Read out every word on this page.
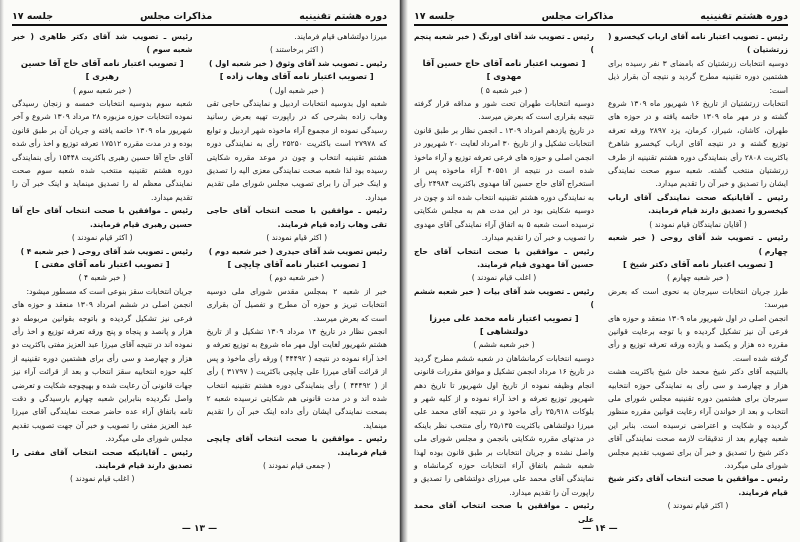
دوره هشتم تقنینیه
مذاکرات مجلس
جلسه ۱۷

میرزا دولتشاهی قیام فرمایند.

( اکثر برخاستند )

رئیس ـ تصویب شد آقای وثوق ( خبر شعبه اول )

[ تصویب اعتبار نامه آقای وهاب زاده ]

( خبر شعبه اول )

شعبه اول بدوسیه انتخابات اردبیل و نمایندگی حاجی تقی وهاب زاده بشرحی که در راپورت تهیه بعرض رسانید رسیدگی نموده از مجموع آراء ماخوذه شهر اردبیل و توابع که ۲۷۹۷۸ است باکثریت ۲۵۲۵۰ رأی به نمایندگی دوره هشتم تقنینیه انتخاب و چون در موعد مقرره شکایتی رسیده بود لذا شعبه صحت نمایندگی معزی الیه را تصدیق و اینک خبر آن را برای تصویب مجلس شورای ملی تقدیم میدارد.

رئیس ـ موافقین با صحت انتخاب آقای حاجی تقی وهاب زاده قیام فرمایند.

( اکثر قیام نمودند )

رئیس تصویب شد آقای حیدری ( خبر شعبه دوم )

[ تصویب اعتبار نامه آقای چایچی ]

( خبر شعبه دوم )

خبر از شعبه ۲ بمجلس مقدس شورای ملی دوسیه انتخابات تبریز و حوزه آن مطرح و تفصیل آن بقراری است که بعرض میرسد.

انجمن نظار در تاریخ ۱۴ مرداد ۱۳۰۹ تشکیل و از تاریخ هشتم شهریور لغایت اول مهر ماه شروع به توزیع تعرفه و اخذ آراء نموده در نتیجه ( ۴۴۴۹۲ ) ورقه رأی ماخوذ و پس از قرائت آقای میرزا علی چایچی باکثریت ( ۳۱۷۹۷ ) رأی از ( ۴۴۴۹۲ ) رأی بنمایندگی دوره هشتم تقنینیه انتخاب شده اند و در مدت قانونی هم شکایتی نرسیده شعبه ۲ بصحت نمایندگی ایشان رأی داده اینک خبر آن را تقدیم مینماید.

رئیس ـ موافقین با صحت انتخاب آقای چایچی قیام فرمایند.

( جمعی قیام نمودند )

رئیس ـ تصویب شد آقای دکتر طاهری ( خبر شعبه سوم )

[ تصویب اعتبار نامه آقای حاج آقا حسین رهبری ]

( خبر شعبه سوم )

شعبه سوم بدوسیه انتخابات خمسه و زنجان رسیدگی نموده انتخابات حوزه مزبوره ۲۸ مرداد ۱۳۰۹ شروع و آخر شهریور ماه ۱۳۰۹ خاتمه یافته و جریان آن بر طبق قانون بوده و در مدت مقرره ۱۷۵۱۲ تعرفه توزیع و اخذ رأی شده آقای حاج آقا حسین رهبری باکثریت ۱۵۴۴۸ رأی بنمایندگی دوره هشتم تقنینیه منتخب شده شعبه سوم صحت نمایندگی معظم له را تصدیق مینماید و اینک خبر آن را تقدیم میدارد.

رئیس ـ موافقین با صحت انتخاب آقای حاج آقا حسین رهبری قیام فرمایند.

( اکثر قیام نمودند )

رئیس ـ تصویب شد آقای روحی ( خبر شعبه ۴ )

[ تصویب اعتبار نامه آقای مفتی ]

( خبر شعبه ۴ )

جریان انتخابات سقز بنوعی است که مسطور میشود:

انجمن اصلی در ششم امرداد ۱۳۰۹ منعقد و حوزه های فرعی نیز تشکیل گردیده و باتوجه بقوانین مربوطه دو هزار و پانصد و پنجاه و پنج ورقه تعرفه توزیع و اخذ رأی نموده اند در نتیجه آقای میرزا عبد العزیز مفتی باکثریت دو هزار و چهارصد و سی رأی برای هشتمین دوره تقنینیه از کلیه حوزه انتخابیه سقز انتخاب و بعد از قرائت آراء نیز جهات قانونی آن رعایت شده و بهیچوجه شکایت و تعرضی واصل نگردیده بنابراین شعبه چهارم بارسیدگی و دقت تامه باتفاق آراء عده حاضر صحت نمایندگی آقای میرزا عبد العزیز مفتی را تصویب و خبر آن جهت تصویب تقدیم مجلس شورای ملی میگردد.

رئیس ـ آقایانیکه صحت انتخاب آقای مفتی را تصدیق دارند قیام فرمایند.

( اغلب قیام نمودند )

— ۱۳ —
دوره هشتم تقنینیه
مذاکرات مجلس
جلسه ۱۷

رئیس ـ تصویب اعتبار نامه آقای ارباب کیخسرو ( زرتشتیان )

دوسیه انتخابات زرتشتیان که بامضای ۳ نفر رسیده برای هشتمین دوره تقنینیه مطرح گردید و نتیجه آن بقرار ذیل است:

انتخابات زرتشتیان از تاریخ ۱۶ شهریور ماه ۱۳۰۹ شروع گشته و در مهر ماه ۱۳۰۹ خاتمه یافته و در حوزه های طهران، کاشان، شیراز، کرمان، یزد ۲۸۹۷ ورقه تعرفه توزیع گشته و در نتیجه آقای ارباب کیخسرو شاهرخ باکثریت ۲۸۰۸ رأی بنمایندگی دوره هشتم تقنینیه از طرف زرتشتیان منتخب گشته. شعبه سوم صحت نمایندگی ایشان را تصدیق و خبر آن را تقدیم میدارد.

رئیس ـ آقایانیکه صحت نمایندگی آقای ارباب کیخسرو را تصدیق دارند قیام فرمایند.

( آقایان نمایندگان قیام نمودند )

رئیس ـ تصویب شد آقای روحی ( خبر شعبه چهارم )

[ تصویب اعتبار نامه آقای دکتر شیخ ]

( خبر شعبه چهارم )

طرز جریان انتخابات سیرجان به نحوی است که بعرض میرسد:

انجمن اصلی در اول شهریور ماه ۱۳۰۹ منعقد و حوزه های فرعی آن نیز تشکیل گردیده و با توجه برعایت قوانین مقرره ده هزار و یکصد و یازده ورقه تعرفه توزیع و رأی گرفته شده است.

بالنتیجه آقای دکتر شیخ محمد خان شیخ باکثریت هشت هزار و چهارصد و سی رأی به نمایندگی حوزه انتخابیه سیرجان برای هشتمین دوره تقنینیه مجلس شورای ملی انتخاب و بعد از خواندن آراء رعایت قوانین مقرره منظور گردیده و شکایت و اعتراضی نرسیده است. بنابر این شعبه چهارم بعد از تدقیقات لازمه صحت نمایندگی آقای دکتر شیخ را تصدیق و خبر آن برای تصویب تقدیم مجلس شورای ملی میگردد.

رئیس ـ موافقین با صحت انتخاب آقای دکتر شیخ قیام فرمایند.

( اکثر قیام نمودند )

رئیس ـ تصویب شد آقای اورنگ ( خبر شعبه پنجم )

[ تصویب اعتبار نامه آقای حاج حسین آقا مهدوی ]

( خبر شعبه ۵ )

دوسیه انتخابات طهران تحت شور و مداقه قرار گرفته نتیجه بقراری است که بعرض میرسد.

در تاریخ یازدهم امرداد ۱۳۰۹ ـ انجمن نظار بر طبق قانون انتخابات تشکیل و از تاریخ ۳۰ امرداد لغایت ۲۰ شهریور در انجمن اصلی و حوزه های فرعی تعرفه توزیع و آراء ماخوذ شده است در نتیجه از ۴۰۵۵۱ آراء ماخوذه پس از استخراج آقای حاج حسین آقا مهدوی باکثریت ۲۴۹۸۴ رأی به نمایندگی دوره هشتم تقنینیه انتخاب شده اند و چون در دوسیه شکایتی بود در این مدت هم به مجلس شکایتی نرسیده است شعبه ۵ به اتفاق آراء نمایندگی آقای مهدوی را تصویب و خبر آن را تقدیم میدارد.

رئیس ـ موافقین با صحت انتخاب آقای حاج حسین آقا مهدوی قیام فرمایند.

( اغلب قیام نمودند )

رئیس ـ تصویب شد آقای بیات ( خبر شعبه ششم )

[ تصویب اعتبار نامه محمد علی میرزا دولتشاهی ]

( خبر شعبه ششم )

دوسیه انتخابات کرمانشاهان در شعبه ششم مطرح گردید در تاریخ ۱۶ مرداد انجمن تشکیل و موافق مقررات قانونی انجام وظیفه نموده از تاریخ اول شهریور تا تاریخ دهم شهریور توزیع تعرفه و اخذ آراء نموده و از کلیه شهر و بلوکات ۲۵٫۹۱۸ رأی ماخوذ و در نتیجه آقای محمد علی میرزا دولتشاهی باکثریت ۲۵٫۱۳۵ رأی منتخب نظر باینکه در مدتهای مقرره شکایتی بانجمن و مجلس شورای ملی واصل نشده و جریان انتخابات بر طبق قانون بوده لهذا شعبه ششم باتفاق آراء انتخابات حوزه کرمانشاه و نمایندگی آقای محمد علی میرزای دولتشاهی را تصدیق و راپورت آن را تقدیم میدارد.

رئیس ـ موافقین با صحت انتخاب آقای محمد علی

— ۱۴ —
